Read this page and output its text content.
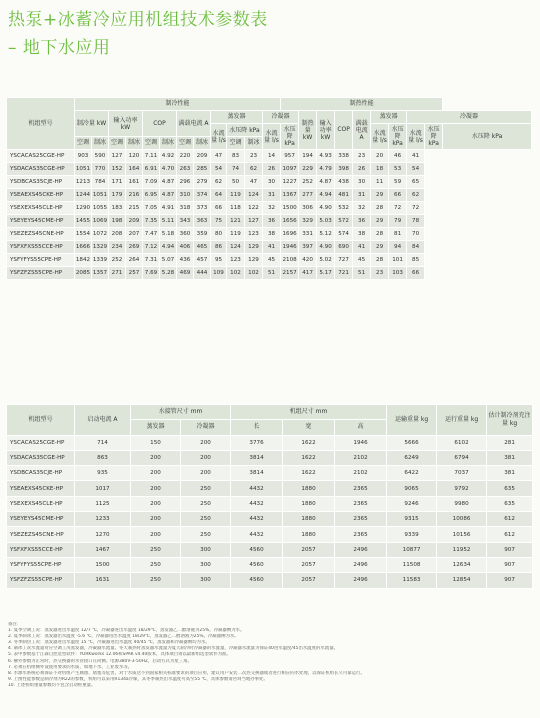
热泵+冰蓄冷应用机组技术参数表
– 地下水应用
机组型号	制冷性能												制热性能									
	制冷量 kW		输入功率 kW		COP		满载电流 A		蒸发器			冷凝器		制热量 kW	输入功率 kW	COP	满载电流 A	蒸发器		冷凝器		
									水流量 l/s	水压降 kPa		水流量 l/s	水压降 kPa					水流量 l/s	水压降 kPa	水流量 l/s	水压降 kPa	水压降 kPa
	空调	制冰	空调	制冰	空调	制冰	空调	制冰		空调	制冰											
YSCACAS25CGE-HP	903	590	127	120	7.11	4.92	220	209	47	83	23	14	957	194	4.93	338	23	20	46	41		
YSDACAS35CGE-HP	1051	770	152	164	6.91	4.70	263	285	54	74	62	26	1097	229	4.79	398	26	18	53	54		
YSDBCAS35CJE-HP	1213	784	171	161	7.09	4.87	296	279	62	50	47	30	1227	252	4.87	438	30	11	59	65		
YSEAEXS45CKE-HP	1244	1051	179	216	6.95	4.87	310	374	64	119	124	31	1367	277	4.94	481	31	29	66	62		
YSEXEXS45CLE-HP	1290	1055	183	215	7.05	4.91	318	373	66	118	122	32	1500	306	4.90	532	32	28	72	72		
YSEYEYS45CME-HP	1455	1069	198	209	7.35	5.11	343	363	75	121	127	36	1656	329	5.03	572	36	29	79	78		
YSEZEZS45CNE-HP	1554	1072	208	207	7.47	5.18	360	359	80	119	123	38	1696	331	5.12	574	38	28	81	70		
YSFXFXS55CCE-HP	1666	1329	234	269	7.12	4.94	406	465	86	124	129	41	1946	397	4.90	690	41	29	94	84		
YSFYFYS55CPE-HP	1842	1339	252	264	7.31	5.07	436	457	95	123	129	45	2108	420	5.02	727	45	28	101	85		
YSFZFZS55CPE-HP	2085	1357	271	257	7.69	5.28	469	444	109	102	102	51	2157	417	5.17	721	51	23	103	66		
机组型号	启动电流 A	水接管尺寸 mm		机组尺寸 mm			运输重量 kg	运行重量 kg	估计制冷剂充注量 kg
		蒸发器	冷凝器	长	宽	高			
YSCACAS25CGE-HP	714	150	200	3776	1622	1946	5666	6102	281
YSDACAS35CGE-HP	863	200	200	3814	1622	2102	6249	6794	381
YSDBCAS35CJE-HP	935	200	200	3814	1622	2102	6422	7037	381
YSEAEXS45CKE-HP	1017	200	250	4432	1880	2365	9065	9792	635
YSEXEXS45CLE-HP	1125	200	250	4432	1880	2365	9246	9980	635
YSEYEYS45CME-HP	1233	200	250	4432	1880	2365	9315	10086	612
YSEZEZS45CNE-HP	1270	200	250	4432	1880	2365	9339	10156	612
YSFXFXS55CCE-HP	1467	250	300	4560	2057	2496	10877	11952	907
YSFYFYS55CPE-HP	1500	250	300	4560	2057	2496	11508	12634	907
YSFZFZS55CPE-HP	1631	250	300	4560	2057	2496	11583	12854	907
备注：
1. 夏季空调工况：蒸发器进出水温度 12/7 ℃，冷凝器进出水温度 18/29℃，蒸发器乙二醇溶液为25%，冷凝器侧为水。
2. 夏季制冰工况：蒸发器出水温度 -5.6 ℃，冷凝器进出水温度 18/29℃，蒸发器乙二醇溶液为25%，冷凝器侧为水。
3. 冬季制热工况：蒸发器进出水温度 15 ℃，冷凝器进出水温度 40/45 ℃，蒸发器和冷凝器侧均为水。
4. 制冰工况水流量对应空调工况蒸发器，冷凝器水流量。冬天制热时蒸发器水流量为夏天制冷时冷凝器的水流量，冷凝器水流量为保证40进水温度/45出水温度的水流量。
5. 表中参数基于江森自控选型软件：YORKworks 12.06和SPAK v4.40版本，具体项目请以最新组选型软件为准。
6. 额外参数为正常时，热交换器的水管接口在同侧。电源380V-3-50HZ，启动方式为星三角。
7. 必须在机组侧外设使用要求的水质，如地下水、工业废水等。
8. 水源水系统必须保证不对机组产生腐蚀、堵塞等危害。对于水质达不到国家相关标准要求的项目应用，建议用户安装二次热交换器或者进行相应的水处理，以保证机组长久可靠运行。
9. 上图性能参数是制冷剂为R22的参数，机组可以采用R134a冷媒，其冬季制热出水温度可高至55 ℃，具体参数请咨询当地办事处。
10. 上述机组重量参数均不包含启动柜重量。
